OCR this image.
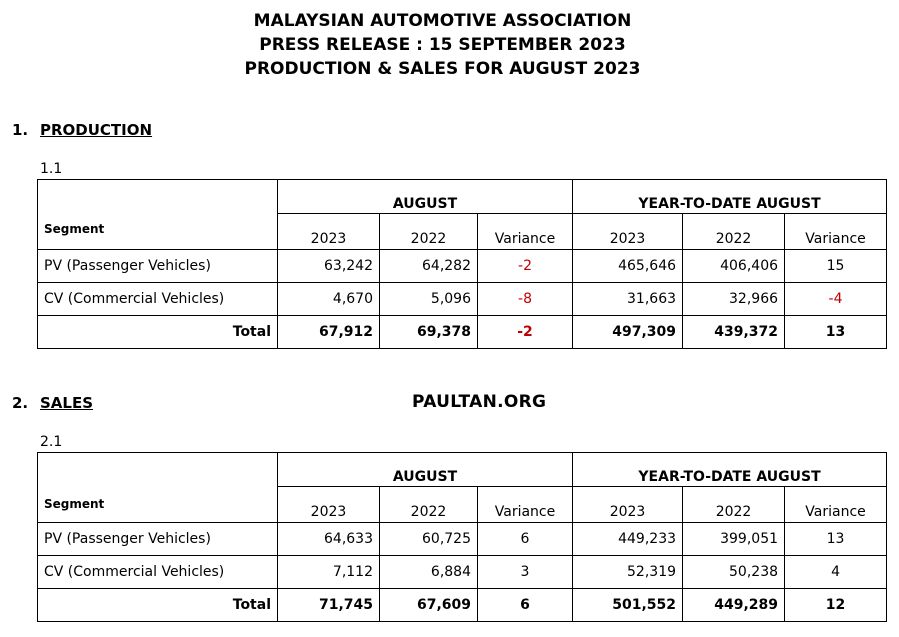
MALAYSIAN AUTOMOTIVE ASSOCIATION
PRESS RELEASE : 15 SEPTEMBER 2023
PRODUCTION & SALES FOR AUGUST 2023
1. PRODUCTION
1.1
Segment	AUGUST			YEAR-TO-DATE AUGUST		
	2023	2022	Variance	2023	2022	Variance
PV (Passenger Vehicles)	63,242	64,282	-2	465,646	406,406	15
CV (Commercial Vehicles)	4,670	5,096	-8	31,663	32,966	-4
Total	67,912	69,378	-2	497,309	439,372	13
2. SALES	PAULTAN.ORG
2.1
Segment	AUGUST			YEAR-TO-DATE AUGUST		
	2023	2022	Variance	2023	2022	Variance
PV (Passenger Vehicles)	64,633	60,725	6	449,233	399,051	13
CV (Commercial Vehicles)	7,112	6,884	3	52,319	50,238	4
Total	71,745	67,609	6	501,552	449,289	12
